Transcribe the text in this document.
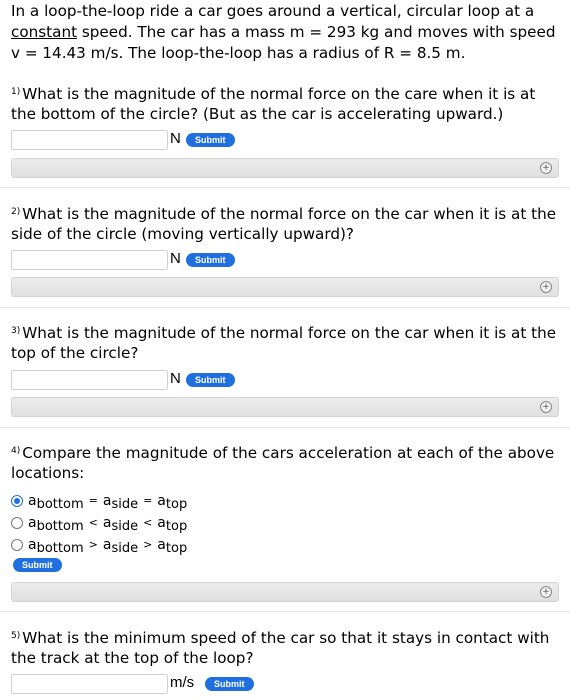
In a loop-the-loop ride a car goes around a vertical, circular loop at a constant speed. The car has a mass m = 293 kg and moves with speed v = 14.43 m/s. The loop-the-loop has a radius of R = 8.5 m.
$^{1)}$ What is the magnitude of the normal force on the care when it is at the bottom of the circle? (But as the car is accelerating upward.)
N	Submit
+
$^{2)}$ What is the magnitude of the normal force on the car when it is at the side of the circle (moving vertically upward)?
N	Submit
+
$^{3)}$ What is the magnitude of the normal force on the car when it is at the top of the circle?
N	Submit
+
$^{4)}$ Compare the magnitude of the cars acceleration at each of the above locations:
abottom = aside = atop
abottom < aside < atop
abottom > aside > atop
Submit
+
$^{5)}$ What is the minimum speed of the car so that it stays in contact with the track at the top of the loop?
m/s	Submit
